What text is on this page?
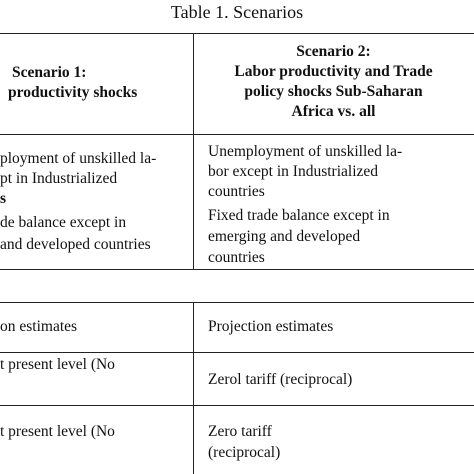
Table 1. Scenarios
Scenario 1:
productivity shocks
Scenario 2:
Labor productivity and Trade
policy shocks Sub-Saharan
Africa vs. all
ployment of unskilled la-
pt in Industrialized
s
de balance except in
and developed countries
Unemployment of unskilled la-
bor except in Industrialized
countries
Fixed trade balance except in
emerging and developed
countries
on estimates	Projection estimates
t present level (No
Zerol tariff (reciprocal)
t present level (No	Zero tariff
(reciprocal)
